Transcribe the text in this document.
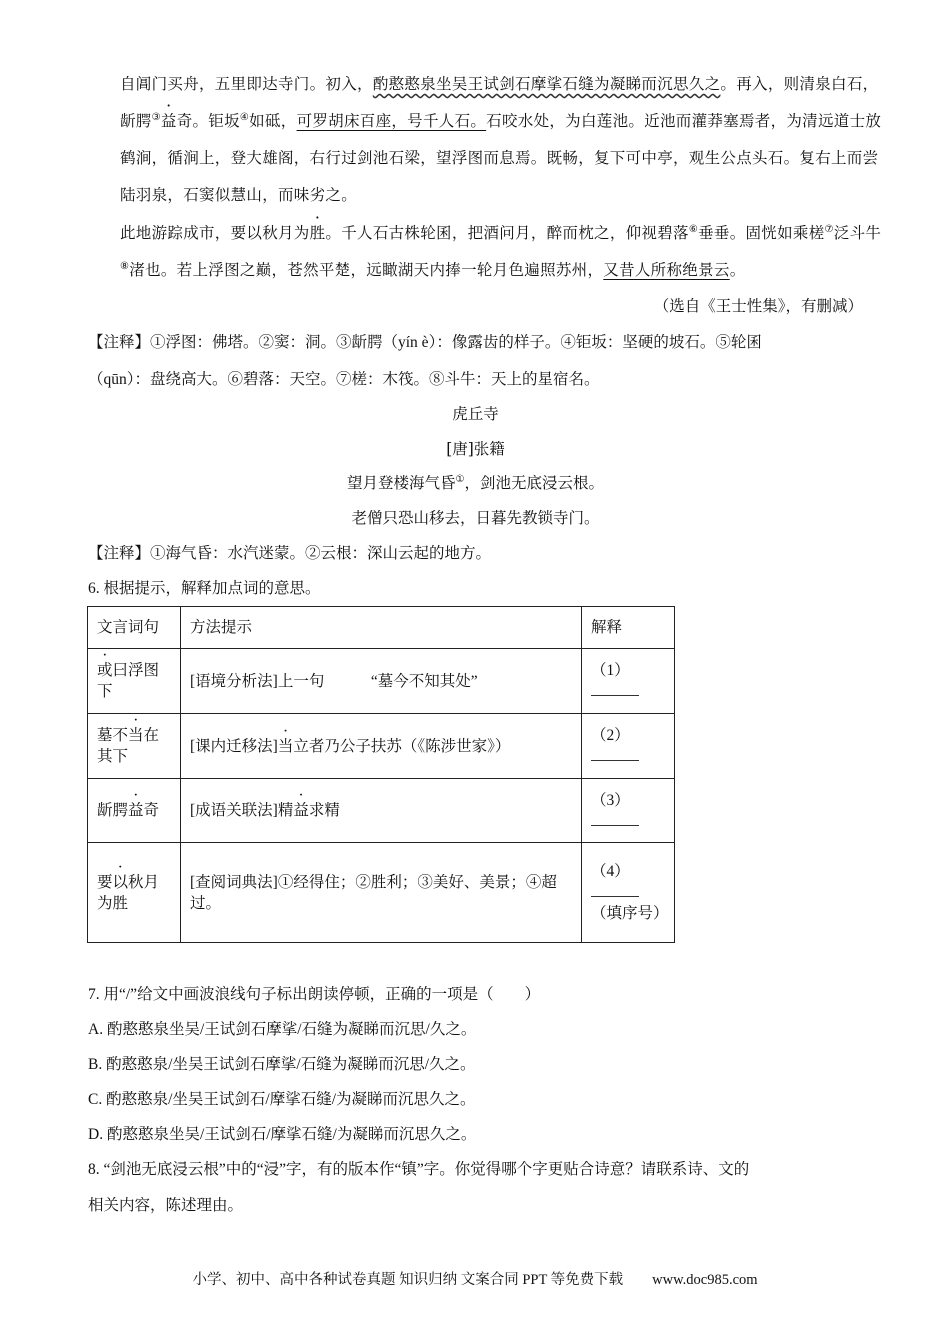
自阊门买舟，五里即达寺门。初入，酌憨憨泉坐吴王试剑石摩挲石缝为凝睇而沉思久之。再入，则清泉白石，龂腭③益奇。钜坂④如砥，可罗胡床百座，号千人石。石咬水处，为白莲池。近池而灌莽塞焉者，为清远道士放鹤涧，循涧上，登大雄阁，右行过剑池石梁，望浮图而息焉。既畅，复下可中亭，观生公点头石。复右上而尝陆羽泉，石窦似慧山，而味劣之。
此地游踪成市，要以秋月为胜。千人石古株轮囷，把酒问月，醉而枕之，仰视碧落⑥垂垂。固恍如乘槎⑦泛斗牛⑧渚也。若上浮图之巅，苍然平楚，远瞰湖天内捧一轮月色遍照苏州，又昔人所称绝景云。
（选自《王士性集》，有删减）
【注释】①浮图：佛塔。②窦：洞。③龂腭（yín è）：像露齿的样子。④钜坂：坚硬的坡石。⑤轮囷
（qūn）：盘绕高大。⑥碧落：天空。⑦槎：木筏。⑧斗牛：天上的星宿名。
虎丘寺
[唐]张籍
望月登楼海气昏①，剑池无底浸云根。
老僧只恐山移去，日暮先教锁寺门。
【注释】①海气昏：水汽迷蒙。②云根：深山云起的地方。
6. 根据提示，解释加点词的意思。
文言词句	方法提示	解释
或曰浮图下	[语境分析法]上一句　　　“墓今不知其处”	（1）

墓不当在其下	[课内迁移法]当立者乃公子扶苏（《陈涉世家》）	（2）

龂腭益奇	[成语关联法]精益求精	（3）

要以秋月为胜	[查阅词典法]①经得住；②胜利；③美好、美景；④超过。	（4）

（填序号）
7. 用“/”给文中画波浪线句子标出朗读停顿，正确的一项是（　　）
A. 酌憨憨泉坐吴/王试剑石摩挲/石缝为凝睇而沉思/久之。
B. 酌憨憨泉/坐吴王试剑石摩挲/石缝为凝睇而沉思/久之。
C. 酌憨憨泉/坐吴王试剑石/摩挲石缝/为凝睇而沉思久之。
D. 酌憨憨泉坐吴/王试剑石/摩挲石缝/为凝睇而沉思久之。
8. “剑池无底浸云根”中的“浸”字，有的版本作“镇”字。你觉得哪个字更贴合诗意？请联系诗、文的
相关内容，陈述理由。
小学、初中、高中各种试卷真题 知识归纳 文案合同 PPT 等免费下载　　www.doc985.com
